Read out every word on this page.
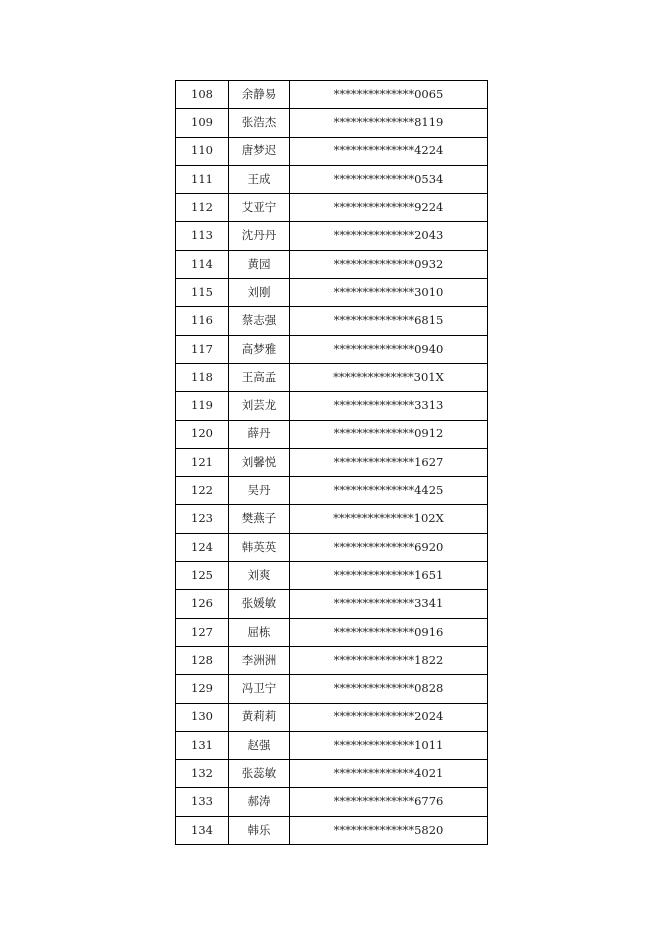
108	余静易	**************0065
109	张浩杰	**************8119
110	唐梦迟	**************4224
111	王成	**************0534
112	艾亚宁	**************9224
113	沈丹丹	**************2043
114	黄园	**************0932
115	刘刚	**************3010
116	蔡志强	**************6815
117	高梦雅	**************0940
118	王高孟	**************301X
119	刘芸龙	**************3313
120	薛丹	**************0912
121	刘馨悦	**************1627
122	吴丹	**************4425
123	樊燕子	**************102X
124	韩英英	**************6920
125	刘爽	**************1651
126	张媛敏	**************3341
127	屈栋	**************0916
128	李洲洲	**************1822
129	冯卫宁	**************0828
130	黄莉莉	**************2024
131	赵强	**************1011
132	张蕊敏	**************4021
133	郝涛	**************6776
134	韩乐	**************5820
